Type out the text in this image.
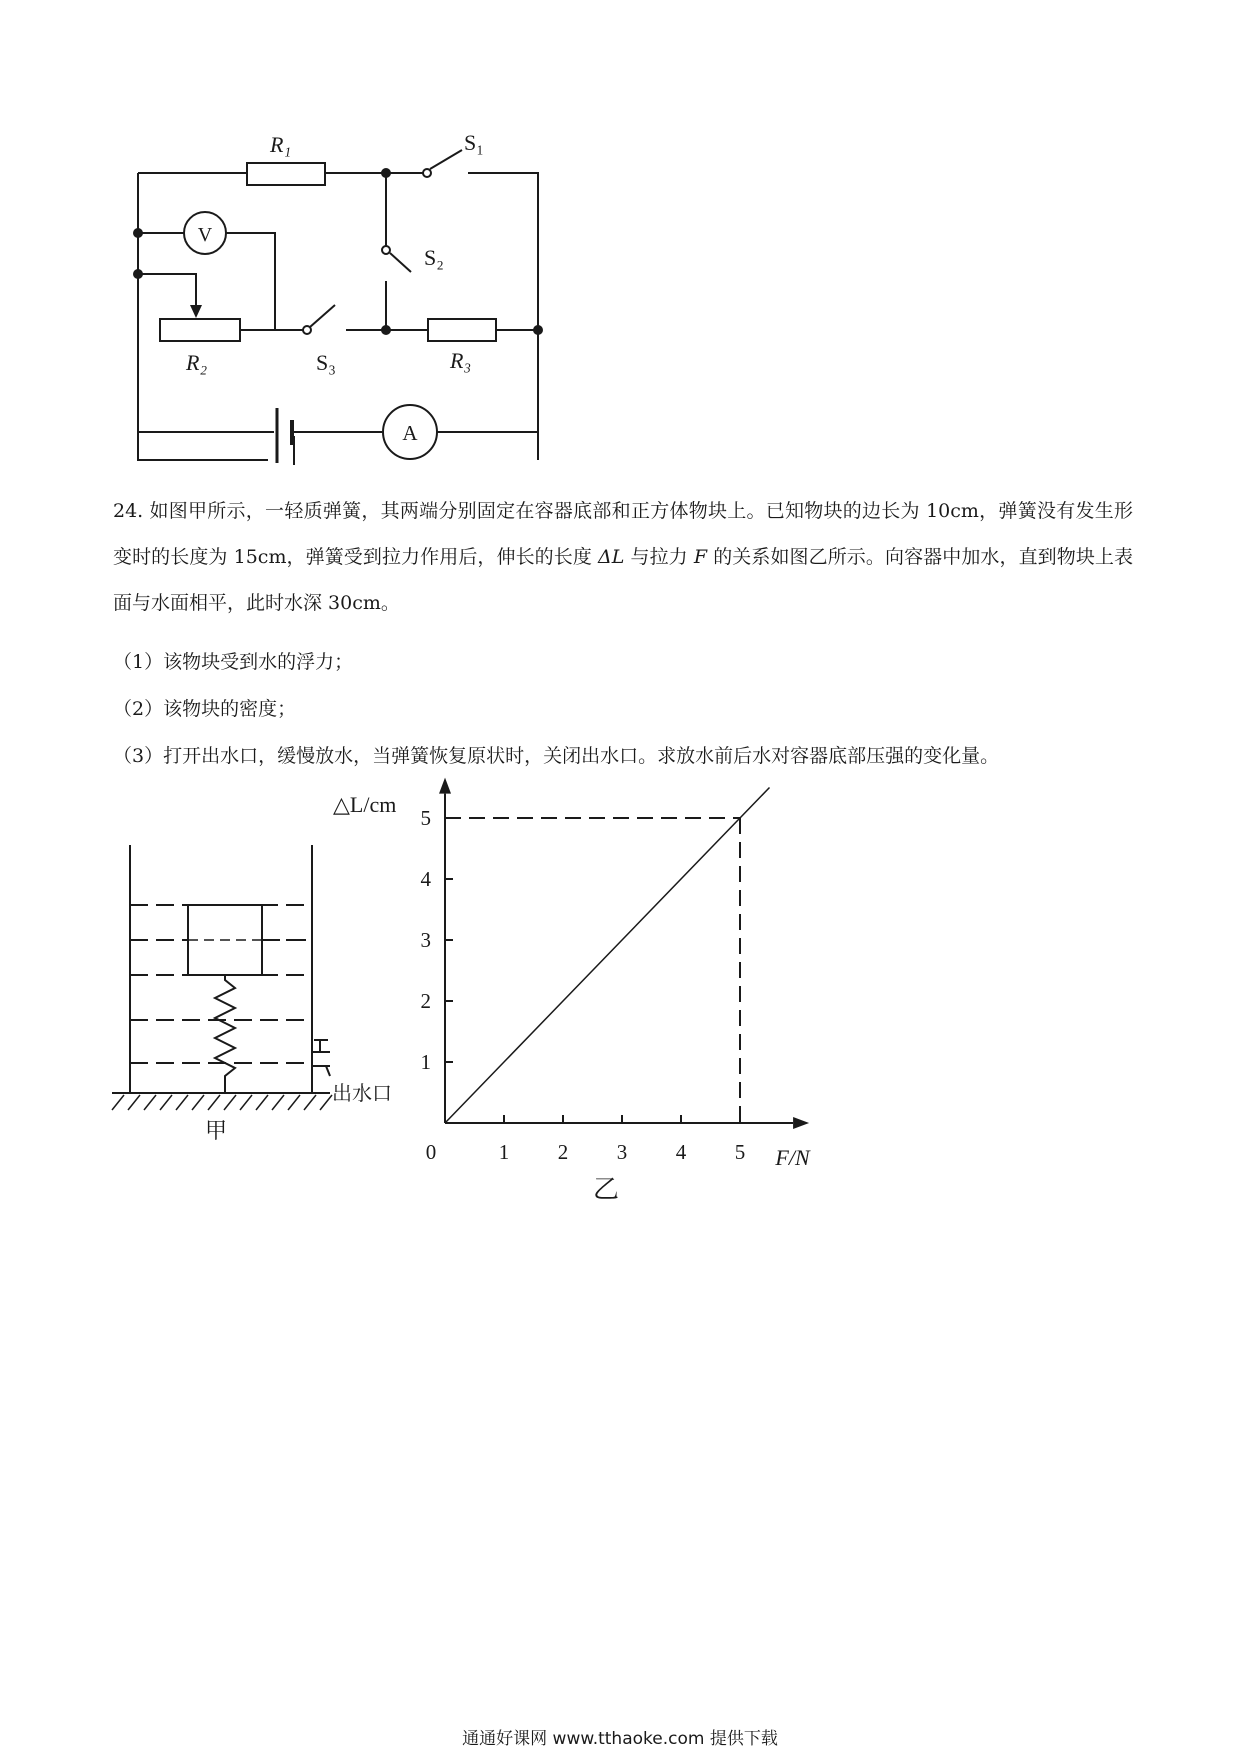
R₁	S₁
S₂
R₂	S₃	R₃
V
A
24. 如图甲所示，一轻质弹簧，其两端分别固定在容器底部和正方体物块上。已知物块的边长为 10cm，弹簧没有发生形变时的长度为 15cm，弹簧受到拉力作用后，伸长的长度 ΔL 与拉力 F 的关系如图乙所示。向容器中加水，直到物块上表面与水面相平，此时水深 30cm。
（1）该物块受到水的浮力；
（2）该物块的密度；
（3）打开出水口，缓慢放水，当弹簧恢复原状时，关闭出水口。求放水前后水对容器底部压强的变化量。
出水口
甲
0	1 2 3 4 5
1
2
3
4
5
△L/cm
F/N
乙
通通好课网 www.tthaoke.com 提供下载
